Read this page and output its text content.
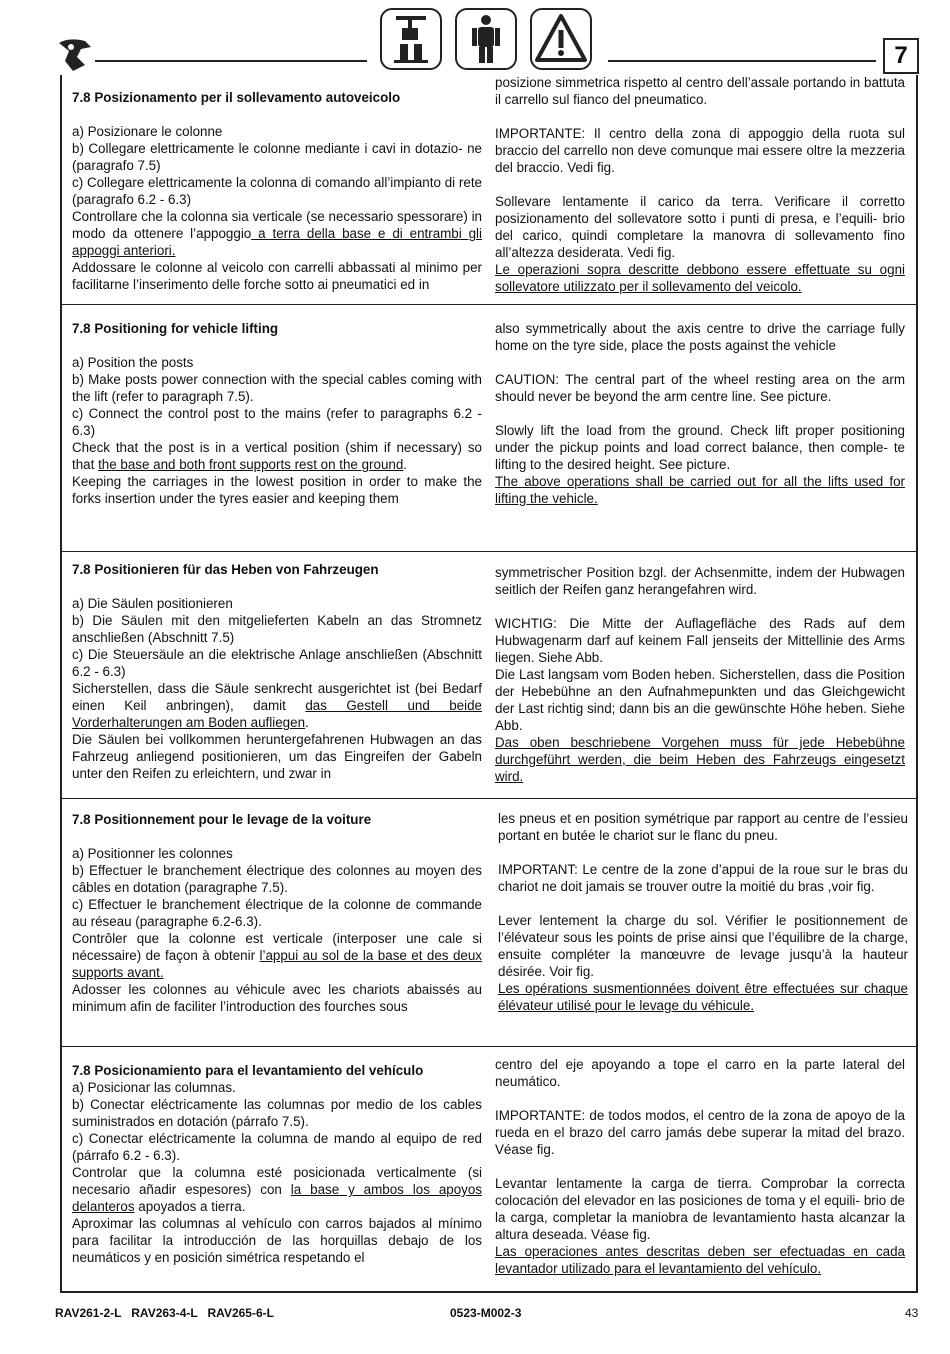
7

7.8 Posizionamento per il sollevamento autoveicolo

a) Posizionare le colonne

b) Collegare elettricamente le colonne mediante i cavi in dotazio- ne (paragrafo 7.5)

c) Collegare elettricamente la colonna di comando all’impianto di rete (paragrafo 6.2 - 6.3)

Controllare che la colonna sia verticale (se necessario spessorare) in modo da ottenere l’appoggio a terra della base e di entrambi gli appoggi anteriori.

Addossare le colonne al veicolo con carrelli abbassati al minimo per facilitarne l’inserimento delle forche sotto ai pneumatici ed in

posizione simmetrica rispetto al centro dell’assale portando in battuta il carrello sul fianco del pneumatico.

IMPORTANTE: Il centro della zona di appoggio della ruota sul braccio del carrello non deve comunque mai essere oltre la mezzeria del braccio. Vedi fig.

Sollevare lentamente il carico da terra. Verificare il corretto posizionamento del sollevatore sotto i punti di presa, e l’equili- brio del carico, quindi completare la manovra di sollevamento fino all’altezza desiderata. Vedi fig.

Le operazioni sopra descritte debbono essere effettuate su ogni sollevatore utilizzato per il sollevamento del veicolo.

7.8 Positioning for vehicle lifting

a) Position the posts

b) Make posts power connection with the special cables coming with the lift (refer to paragraph 7.5).

c) Connect the control post to the mains (refer to paragraphs 6.2 - 6.3)

Check that the post is in a vertical position (shim if necessary) so that the base and both front supports rest on the ground.

Keeping the carriages in the lowest position in order to make the forks insertion under the tyres easier and keeping them

also symmetrically about the axis centre to drive the carriage fully home on the tyre side, place the posts against the vehicle

CAUTION: The central part of the wheel resting area on the arm should never be beyond the arm centre line. See picture.

Slowly lift the load from the ground. Check lift proper positioning under the pickup points and load correct balance, then comple- te lifting to the desired height. See picture.

The above operations shall be carried out for all the lifts used for lifting the vehicle.

7.8 Positionieren für das Heben von Fahrzeugen

a) Die Säulen positionieren

b) Die Säulen mit den mitgelieferten Kabeln an das Stromnetz anschließen (Abschnitt 7.5)

c) Die Steuersäule an die elektrische Anlage anschließen (Abschnitt 6.2 - 6.3)

Sicherstellen, dass die Säule senkrecht ausgerichtet ist (bei Bedarf einen Keil anbringen), damit das Gestell und beide Vorderhalterungen am Boden aufliegen.

Die Säulen bei vollkommen heruntergefahrenen Hubwagen an das Fahrzeug anliegend positionieren, um das Eingreifen der Gabeln unter den Reifen zu erleichtern, und zwar in

symmetrischer Position bzgl. der Achsenmitte, indem der Hubwagen seitlich der Reifen ganz herangefahren wird.

WICHTIG: Die Mitte der Auflagefläche des Rads auf dem Hubwagenarm darf auf keinem Fall jenseits der Mittellinie des Arms liegen. Siehe Abb.

Die Last langsam vom Boden heben. Sicherstellen, dass die Position der Hebebühne an den Aufnahmepunkten und das Gleichgewicht der Last richtig sind; dann bis an die gewünschte Höhe heben. Siehe Abb.

Das oben beschriebene Vorgehen muss für jede Hebebühne durchgeführt werden, die beim Heben des Fahrzeugs eingesetzt wird.

7.8 Positionnement pour le levage de la voiture

a) Positionner les colonnes

b) Effectuer le branchement électrique des colonnes au moyen des câbles en dotation (paragraphe 7.5).

c) Effectuer le branchement électrique de la colonne de commande au réseau (paragraphe 6.2-6.3).

Contrôler que la colonne est verticale (interposer une cale si nécessaire) de façon à obtenir l’appui au sol de la base et des deux supports avant.

Adosser les colonnes au véhicule avec les chariots abaissés au minimum afin de faciliter l’introduction des fourches sous

les pneus et en position symétrique par rapport au centre de l’essieu portant en butée le chariot sur le flanc du pneu.

IMPORTANT: Le centre de la zone d’appui de la roue sur le bras du chariot ne doit jamais se trouver outre la moitié du bras ,voir fig.

Lever lentement la charge du sol. Vérifier le positionnement de l’élévateur sous les points de prise ainsi que l’équilibre de la charge, ensuite compléter la manœuvre de levage jusqu’à la hauteur désirée. Voir fig.

Les opérations susmentionnées doivent être effectuées sur chaque élévateur utilisé pour le levage du véhicule.

7.8 Posicionamiento para el levantamiento del vehículo

a) Posicionar las columnas.

b) Conectar eléctricamente las columnas por medio de los cables suministrados en dotación (párrafo 7.5).

c) Conectar eléctricamente la columna de mando al equipo de red (párrafo 6.2 - 6.3).

Controlar que la columna esté posicionada verticalmente (si necesario añadir espesores) con la base y ambos los apoyos delanteros apoyados a tierra.

Aproximar las columnas al vehículo con carros bajados al mínimo para facilitar la introducción de las horquillas debajo de los neumáticos y en posición simétrica respetando el

centro del eje apoyando a tope el carro en la parte lateral del neumático.

IMPORTANTE: de todos modos, el centro de la zona de apoyo de la rueda en el brazo del carro jamás debe superar la mitad del brazo. Véase fig.

Levantar lentamente la carga de tierra. Comprobar la correcta colocación del elevador en las posiciones de toma y el equili- brio de la carga, completar la maniobra de levantamiento hasta alcanzar la altura deseada. Véase fig.

Las operaciones antes descritas deben ser efectuadas en cada levantador utilizado para el levantamiento del vehículo.

RAV261-2-L   RAV263-4-L   RAV265-6-L	0523-M002-3	43
